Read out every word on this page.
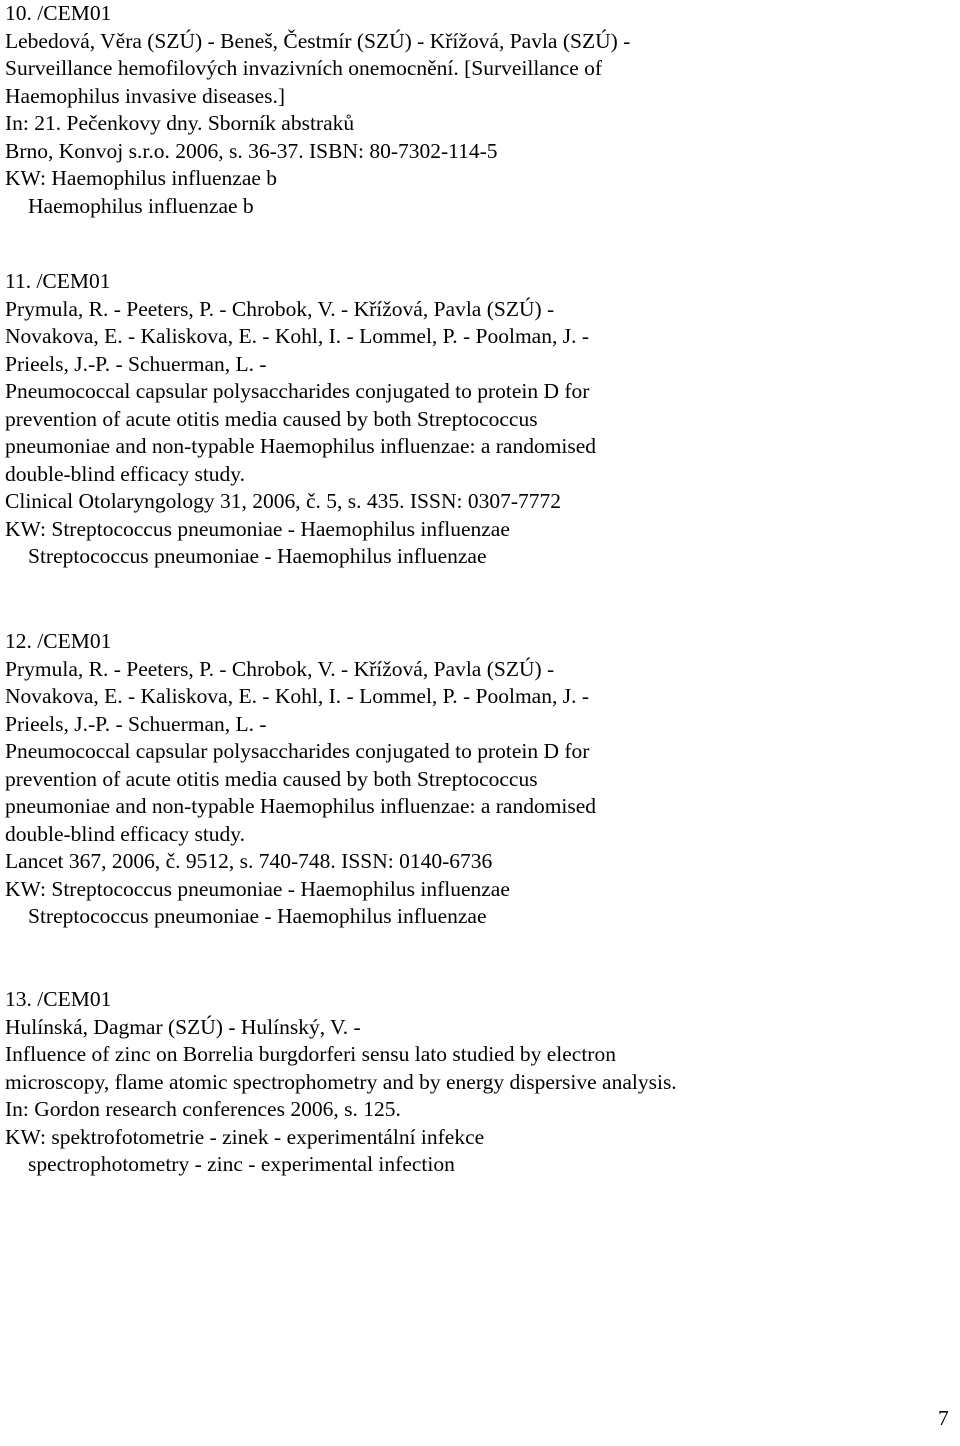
10. /CEM01
Lebedová, Věra (SZÚ) - Beneš, Čestmír (SZÚ) - Křížová, Pavla (SZÚ) -
Surveillance hemofilových invazivních onemocnění. [Surveillance of
Haemophilus invasive diseases.]
In: 21. Pečenkovy dny. Sborník abstraků
Brno, Konvoj s.r.o. 2006, s. 36-37. ISBN: 80-7302-114-5
KW: Haemophilus influenzae b
Haemophilus influenzae b
11. /CEM01
Prymula, R. - Peeters, P. - Chrobok, V. - Křížová, Pavla (SZÚ) -
Novakova, E. - Kaliskova, E. - Kohl, I. - Lommel, P. - Poolman, J. -
Prieels, J.-P. - Schuerman, L. -
Pneumococcal capsular polysaccharides conjugated to protein D for
prevention of acute otitis media caused by both Streptococcus
pneumoniae and non-typable Haemophilus influenzae: a randomised
double-blind efficacy study.
Clinical Otolaryngology 31, 2006, č. 5, s. 435. ISSN: 0307-7772
KW: Streptococcus pneumoniae - Haemophilus influenzae
Streptococcus pneumoniae - Haemophilus influenzae
12. /CEM01
Prymula, R. - Peeters, P. - Chrobok, V. - Křížová, Pavla (SZÚ) -
Novakova, E. - Kaliskova, E. - Kohl, I. - Lommel, P. - Poolman, J. -
Prieels, J.-P. - Schuerman, L. -
Pneumococcal capsular polysaccharides conjugated to protein D for
prevention of acute otitis media caused by both Streptococcus
pneumoniae and non-typable Haemophilus influenzae: a randomised
double-blind efficacy study.
Lancet 367, 2006, č. 9512, s. 740-748. ISSN: 0140-6736
KW: Streptococcus pneumoniae - Haemophilus influenzae
Streptococcus pneumoniae - Haemophilus influenzae
13. /CEM01
Hulínská, Dagmar (SZÚ) - Hulínský, V. -
Influence of zinc on Borrelia burgdorferi sensu lato studied by electron
microscopy, flame atomic spectrophometry and by energy dispersive analysis.
In: Gordon research conferences 2006, s. 125.
KW: spektrofotometrie - zinek - experimentální infekce
spectrophotometry - zinc - experimental infection
7
